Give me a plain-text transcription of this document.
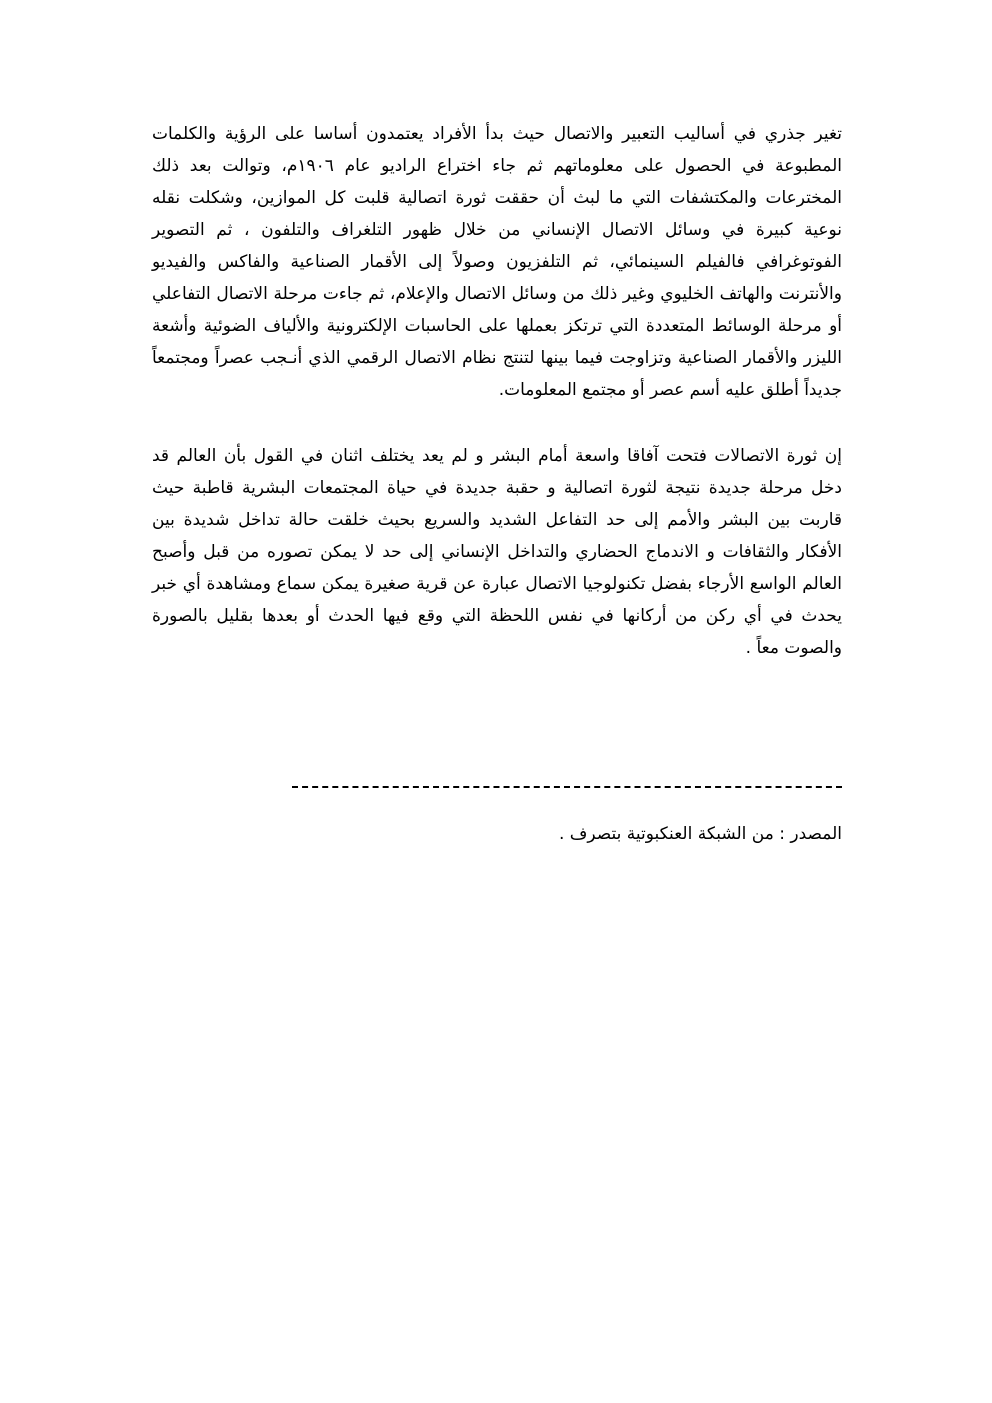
تغير جذري في أساليب التعبير والاتصال حيث بدأ الأفراد يعتمدون أساسا على الرؤية والكلمات المطبوعة في الحصول على معلوماتهم ثم جاء اختراع الراديو عام ١٩٠٦م، وتوالت بعد ذلك المخترعات والمكتشفات التي ما لبث أن حققت ثورة اتصالية قلبت كل الموازين، وشكلت نقله نوعية كبيرة في وسائل الاتصال الإنساني من خلال ظهور التلغراف والتلفون ، ثم التصوير الفوتوغرافي فالفيلم السينمائي، ثم التلفزيون وصولاً إلى الأقمار الصناعية والفاكس والفيديو والأنترنت والهاتف الخليوي وغير ذلك من وسائل الاتصال والإعلام، ثم جاءت مرحلة الاتصال التفاعلي أو مرحلة الوسائط المتعددة التي ترتكز بعملها على الحاسبات الإلكترونية والألياف الضوئية وأشعة الليزر والأقمار الصناعية وتزاوجت فيما بينها لتنتج نظام الاتصال الرقمي الذي أنـجب عصراً ومجتمعاً جديداً أطلق عليه أسم عصر أو مجتمع المعلومات.

إن ثورة الاتصالات فتحت آفاقا واسعة أمام البشر و لم يعد يختلف اثنان في القول بأن العالم قد دخل مرحلة جديدة نتيجة لثورة اتصالية و حقبة جديدة في حياة المجتمعات البشرية قاطبة حيث قاربت بين البشر والأمم إلى حد التفاعل الشديد والسريع بحيث خلقت حالة تداخل شديدة بين الأفكار والثقافات و الاندماج الحضاري والتداخل الإنساني إلى حد لا يمكن تصوره من قبل وأصبح العالم الواسع الأرجاء بفضل تكنولوجيا الاتصال عبارة عن قرية صغيرة يمكن سماع ومشاهدة أي خبر يحدث في أي ركن من أركانها في نفس اللحظة التي وقع فيها الحدث أو بعدها بقليل بالصورة والصوت معاً .

المصدر : من الشبكة العنكبوتية بتصرف .
